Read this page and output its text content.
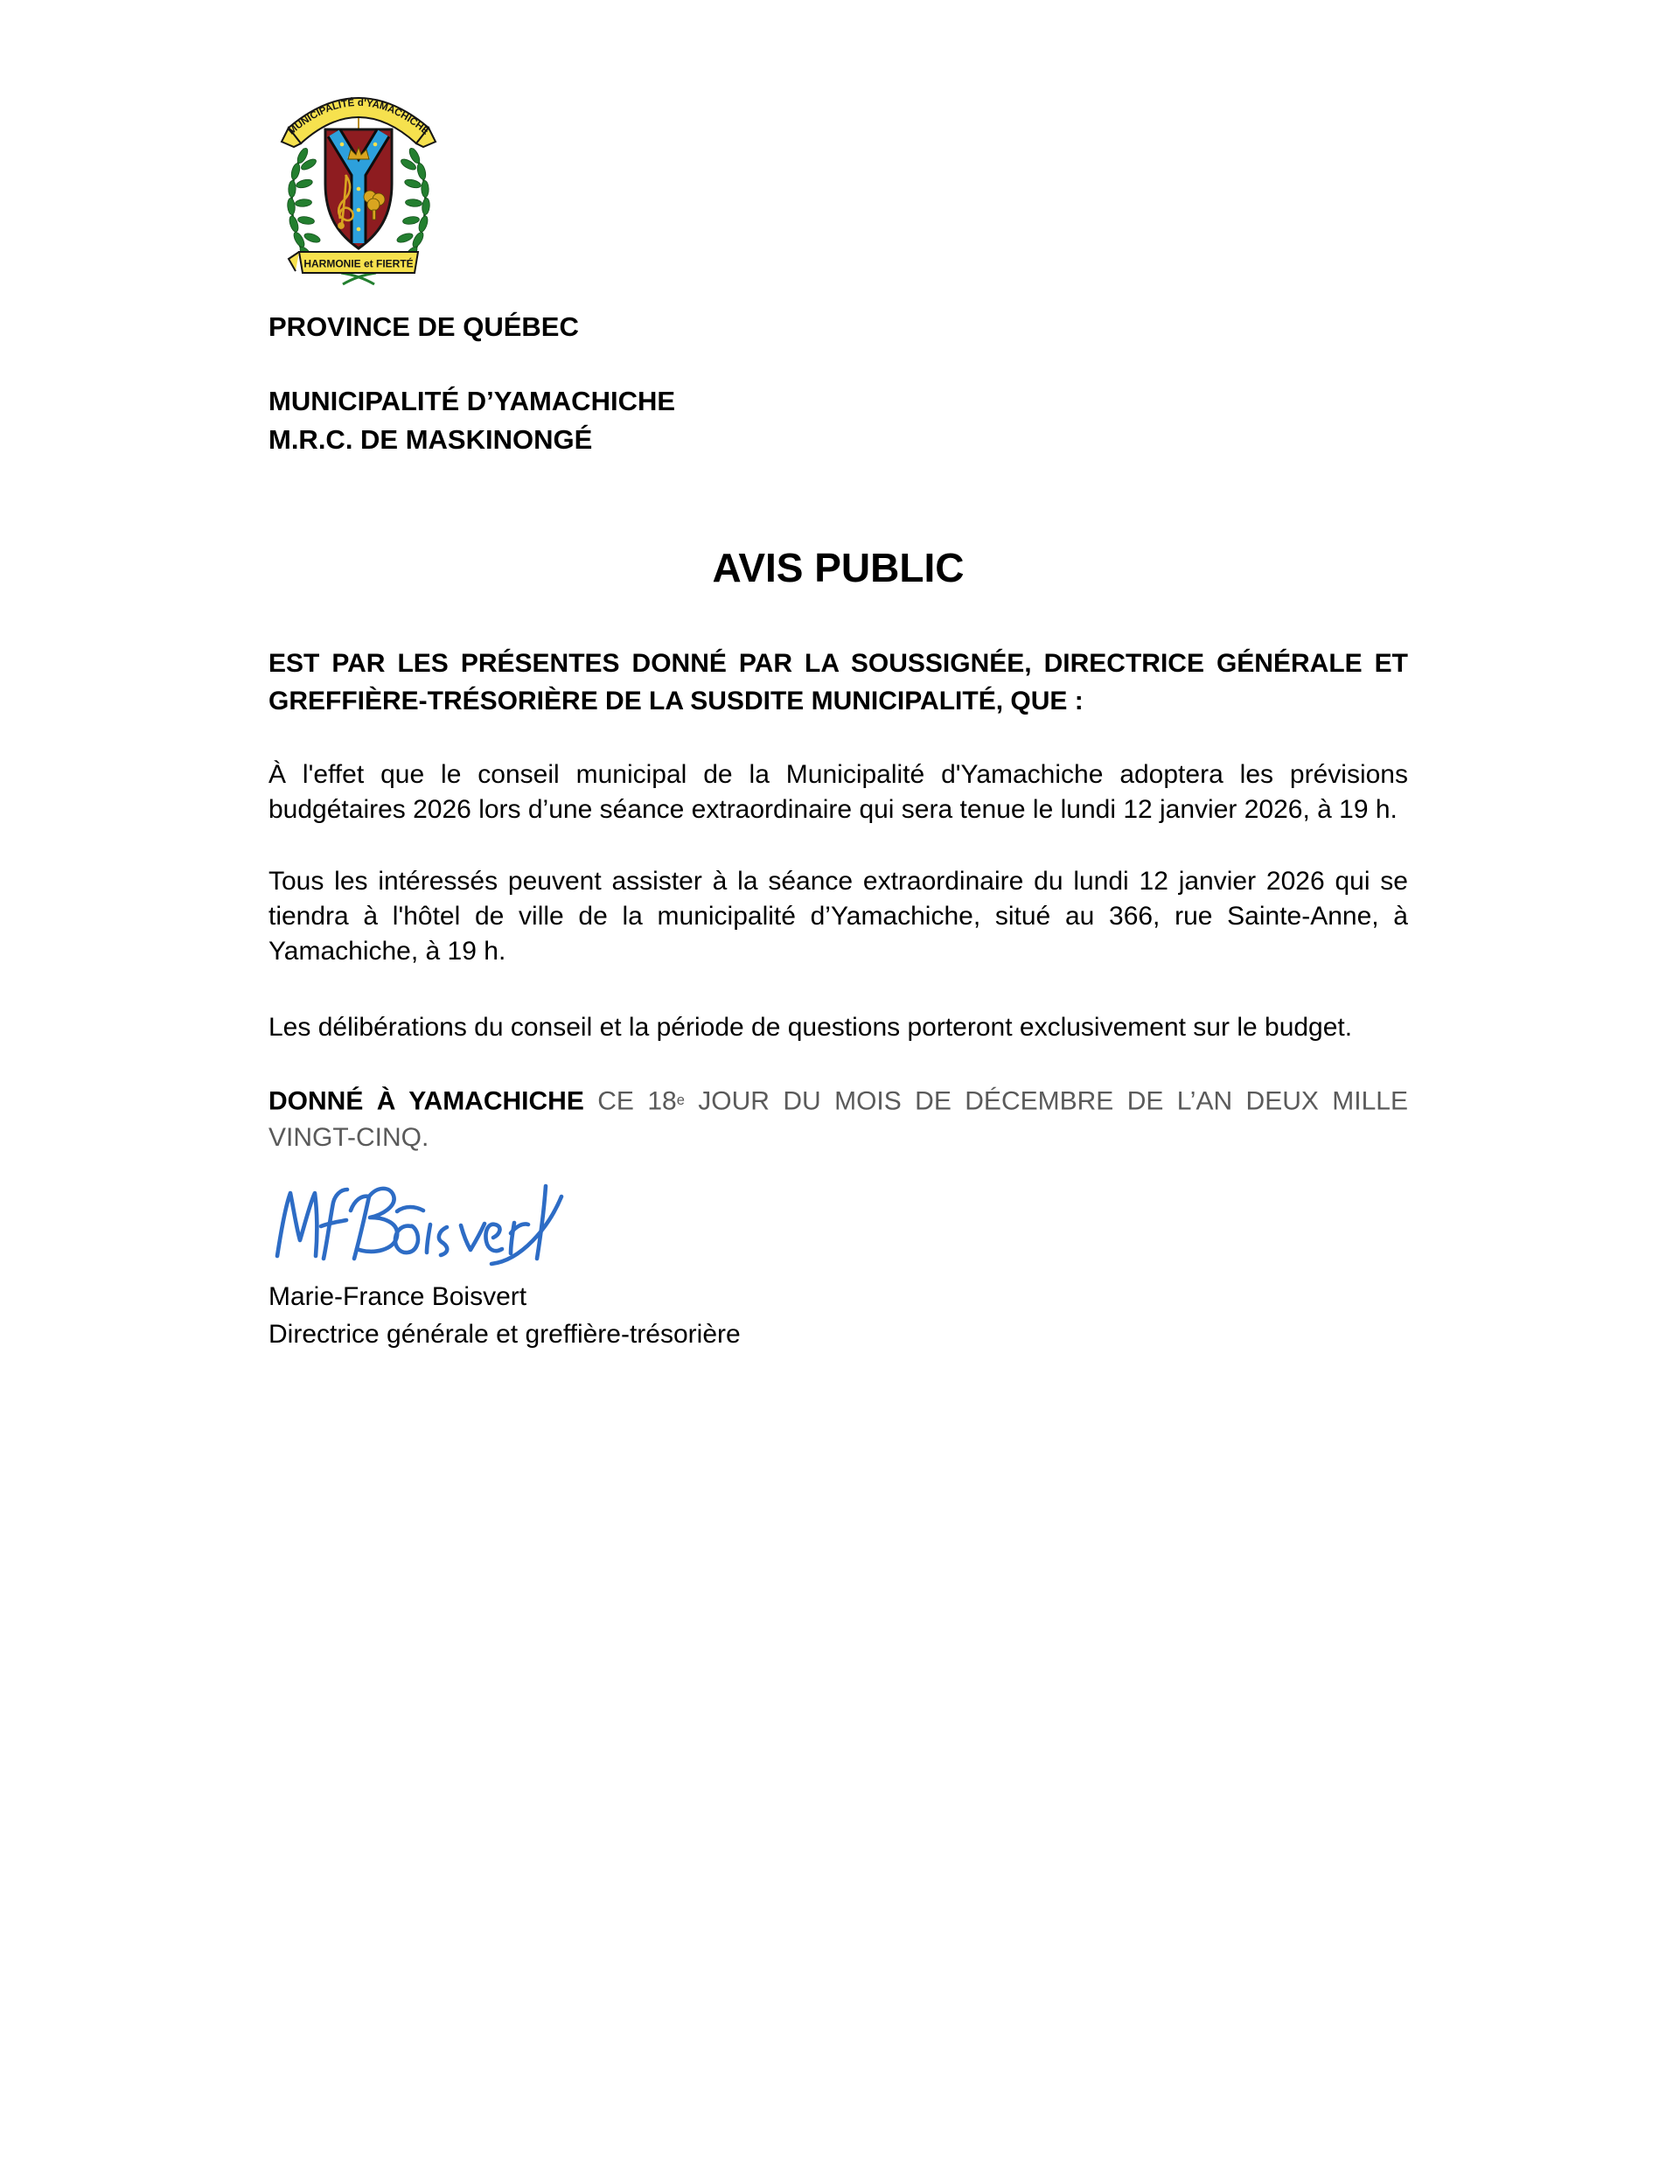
MUNICIPALITÉ d'YAMACHICHE
HARMONIE et FIERTÉ
PROVINCE DE QUÉBEC
MUNICIPALITÉ D’YAMACHICHE
M.R.C. DE MASKINONGÉ
AVIS PUBLIC
EST PAR LES PRÉSENTES DONNÉ PAR LA SOUSSIGNÉE, DIRECTRICE GÉNÉRALE ET
GREFFIÈRE-TRÉSORIÈRE DE LA SUSDITE MUNICIPALITÉ, QUE :
À l'effet que le conseil municipal de la Municipalité d'Yamachiche adoptera les prévisions
budgétaires 2026 lors d’une séance extraordinaire qui sera tenue le lundi 12 janvier 2026, à 19 h.
Tous les intéressés peuvent assister à la séance extraordinaire du lundi 12 janvier 2026 qui se
tiendra à l'hôtel de ville de la municipalité d’Yamachiche, situé au 366, rue Sainte-Anne, à
Yamachiche, à 19 h.
Les délibérations du conseil et la période de questions porteront exclusivement sur le budget.
DONNÉ À YAMACHICHE CE 18e JOUR DU MOIS DE DÉCEMBRE DE L’AN DEUX MILLE
VINGT-CINQ.
Marie-France Boisvert
Directrice générale et greffière-trésorière
